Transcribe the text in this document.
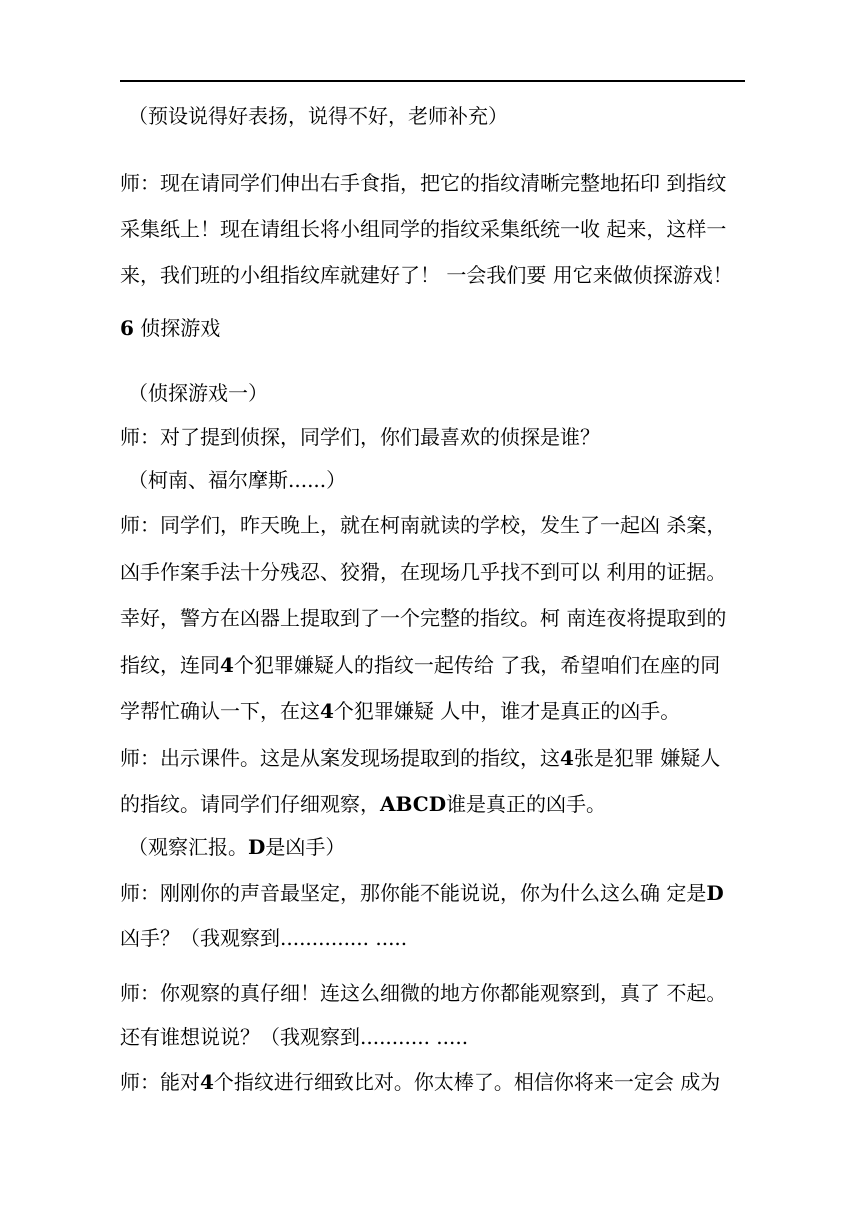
（预设说得好表扬，说得不好，老师补充）
师：现在请同学们伸出右手食指，把它的指纹清晰完整地拓印 到指纹
采集纸上！现在请组长将小组同学的指纹采集纸统一收 起来，这样一
来，我们班的小组指纹库就建好了！ 一会我们要 用它来做侦探游戏！
6 侦探游戏
（侦探游戏一）
师：对了提到侦探，同学们，你们最喜欢的侦探是谁？
（柯南、福尔摩斯......）
师：同学们，昨天晚上，就在柯南就读的学校，发生了一起凶 杀案，
凶手作案手法十分残忍、狡猾，在现场几乎找不到可以 利用的证据。
幸好，警方在凶器上提取到了一个完整的指纹。柯 南连夜将提取到的
指纹，连同4个犯罪嫌疑人的指纹一起传给 了我，希望咱们在座的同
学帮忙确认一下，在这4个犯罪嫌疑 人中，谁才是真正的凶手。
师：出示课件。这是从案发现场提取到的指纹，这4张是犯罪 嫌疑人
的指纹。请同学们仔细观察，ABCD谁是真正的凶手。
（观察汇报。D是凶手）
师：刚刚你的声音最坚定，那你能不能说说，你为什么这么确 定是D
凶手？（我观察到.............. .....
师：你观察的真仔细！连这么细微的地方你都能观察到，真了 不起。
还有谁想说说？（我观察到........... .....
师：能对4个指纹进行细致比对。你太棒了。相信你将来一定会 成为
